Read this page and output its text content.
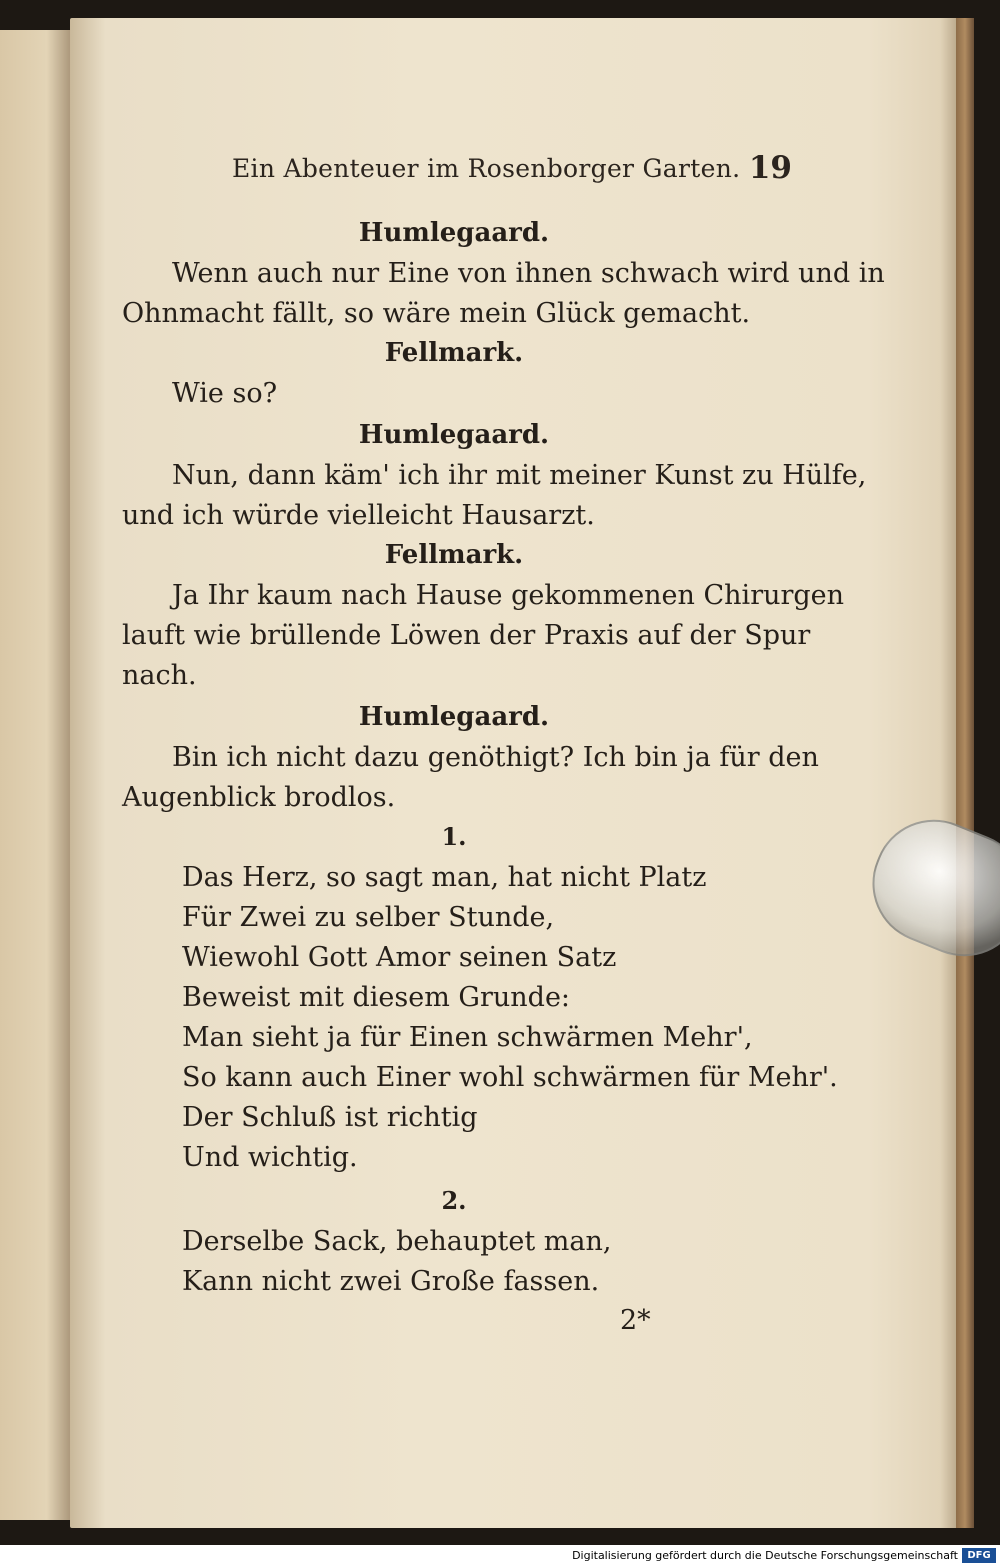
Ein Abenteuer im Rosenborger Garten. 19
Humlegaard.
Wenn auch nur Eine von ihnen schwach wird und in
Ohnmacht fällt, so wäre mein Glück gemacht.
Fellmark.
Wie so?
Humlegaard.
Nun, dann käm' ich ihr mit meiner Kunst zu Hülfe,
und ich würde vielleicht Hausarzt.
Fellmark.
Ja Ihr kaum nach Hause gekommenen Chirurgen
lauft wie brüllende Löwen der Praxis auf der Spur
nach.
Humlegaard.
Bin ich nicht dazu genöthigt? Ich bin ja für den
Augenblick brodlos.
1.
Das Herz, so sagt man, hat nicht Platz
Für Zwei zu selber Stunde,
Wiewohl Gott Amor seinen Satz
Beweist mit diesem Grunde:
Man sieht ja für Einen schwärmen Mehr',
So kann auch Einer wohl schwärmen für Mehr'.
Der Schluß ist richtig
Und wichtig.
2.
Derselbe Sack, behauptet man,
Kann nicht zwei Große fassen.
2*
Digitalisierung gefördert durch die Deutsche Forschungsgemeinschaft DFG
